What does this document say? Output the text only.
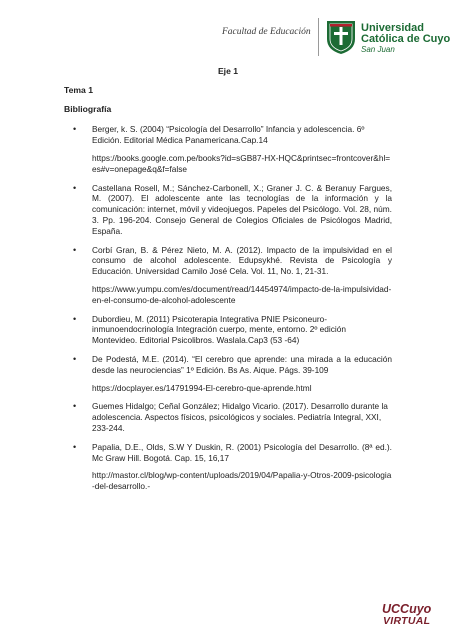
Facultad de Educación	Universidad
Católica de Cuyo
San Juan
Eje 1
Tema 1
Bibliografía
• Berger, k. S. (2004) “Psicología del Desarrollo” Infancia y adolescencia. 6º Edición. Editorial Médica Panamericana.Cap.14
https://books.google.com.pe/books?id=sGB87-HX-HQC&printsec=frontcover&hl=es#v=onepage&q&f=false
• Castellana Rosell, M.; Sánchez-Carbonell, X.; Graner J. C. & Beranuy Fargues, M. (2007). El adolescente ante las tecnologías de la información y la comunicación: internet, móvil y videojuegos. Papeles del Psicólogo. Vol. 28, núm. 3. Pp. 196-204. Consejo General de Colegios Oficiales de Psicólogos Madrid, España.
• Corbí Gran, B. & Pérez Nieto, M. A. (2012). Impacto de la impulsividad en el consumo de alcohol adolescente. Edupsykhé. Revista de Psicología y Educación. Universidad Camilo José Cela. Vol. 11, No. 1, 21-31.
https://www.yumpu.com/es/document/read/14454974/impacto-de-la-impulsividad-en-el-consumo-de-alcohol-adolescente
• Dubordieu, M. (2011) Psicoterapia Integrativa PNIE Psiconeuro-inmunoendocrinología Integración cuerpo, mente, entorno. 2º edición Montevideo. Editorial Psicolibros. Waslala.Cap3 (53 -64)
• De Podestá, M.E. (2014). “El cerebro que aprende: una mirada a la educación desde las neurociencias” 1º Edición. Bs As. Aique. Págs. 39-109
https://docplayer.es/14791994-El-cerebro-que-aprende.html
• Guemes Hidalgo; Ceñal González; Hidalgo Vicario. (2017). Desarrollo durante la adolescencia. Aspectos físicos, psicológicos y sociales. Pediatría Integral, XXI, 233-244.
• Papalia, D.E., Olds, S.W Y Duskin, R. (2001) Psicología del Desarrollo. (8ª ed.). Mc Graw Hill. Bogotá. Cap. 15, 16,17
http://mastor.cl/blog/wp-content/uploads/2019/04/Papalia-y-Otros-2009-psicologia-del-desarrollo.-
UCCuyo
VIRTUAL
